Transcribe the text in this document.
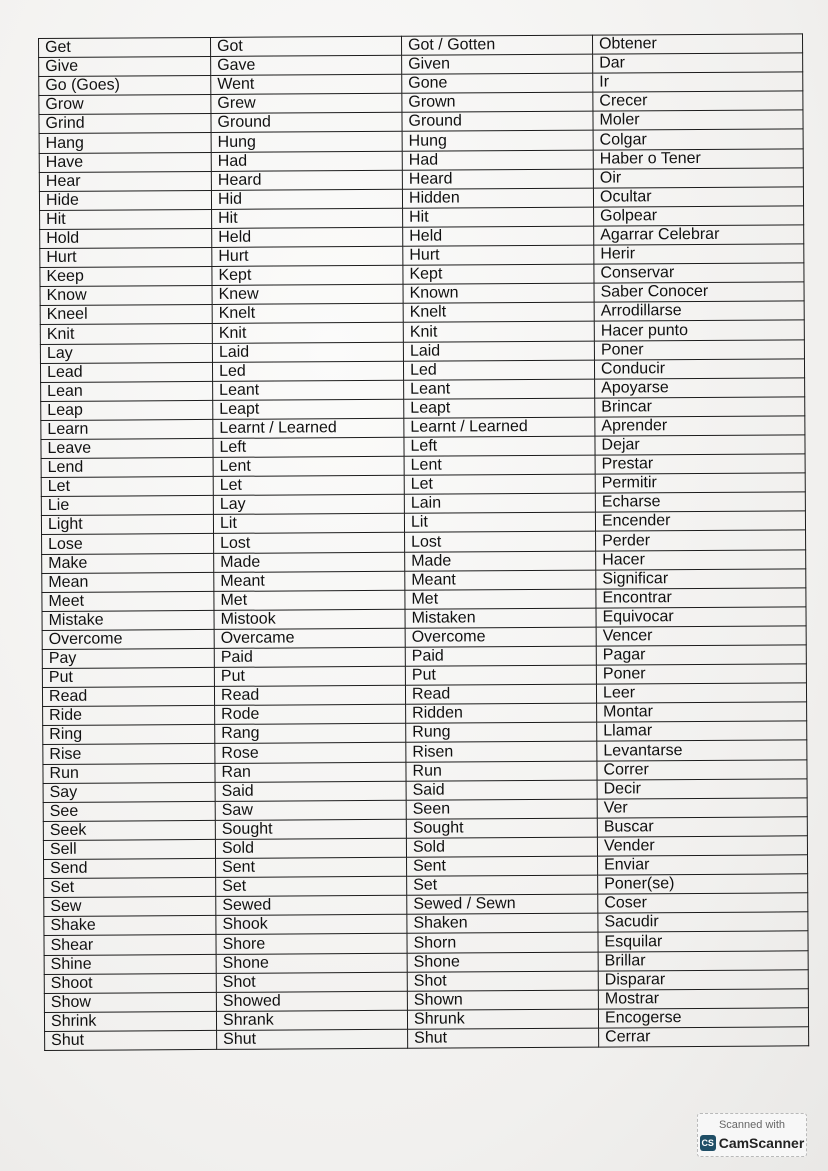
Get	Got	Got / Gotten	Obtener
Give	Gave	Given	Dar
Go (Goes)	Went	Gone	Ir
Grow	Grew	Grown	Crecer
Grind	Ground	Ground	Moler
Hang	Hung	Hung	Colgar
Have	Had	Had	Haber o Tener
Hear	Heard	Heard	Oir
Hide	Hid	Hidden	Ocultar
Hit	Hit	Hit	Golpear
Hold	Held	Held	Agarrar Celebrar
Hurt	Hurt	Hurt	Herir
Keep	Kept	Kept	Conservar
Know	Knew	Known	Saber Conocer
Kneel	Knelt	Knelt	Arrodillarse
Knit	Knit	Knit	Hacer punto
Lay	Laid	Laid	Poner
Lead	Led	Led	Conducir
Lean	Leant	Leant	Apoyarse
Leap	Leapt	Leapt	Brincar
Learn	Learnt / Learned	Learnt / Learned	Aprender
Leave	Left	Left	Dejar
Lend	Lent	Lent	Prestar
Let	Let	Let	Permitir
Lie	Lay	Lain	Echarse
Light	Lit	Lit	Encender
Lose	Lost	Lost	Perder
Make	Made	Made	Hacer
Mean	Meant	Meant	Significar
Meet	Met	Met	Encontrar
Mistake	Mistook	Mistaken	Equivocar
Overcome	Overcame	Overcome	Vencer
Pay	Paid	Paid	Pagar
Put	Put	Put	Poner
Read	Read	Read	Leer
Ride	Rode	Ridden	Montar
Ring	Rang	Rung	Llamar
Rise	Rose	Risen	Levantarse
Run	Ran	Run	Correr
Say	Said	Said	Decir
See	Saw	Seen	Ver
Seek	Sought	Sought	Buscar
Sell	Sold	Sold	Vender
Send	Sent	Sent	Enviar
Set	Set	Set	Poner(se)
Sew	Sewed	Sewed / Sewn	Coser
Shake	Shook	Shaken	Sacudir
Shear	Shore	Shorn	Esquilar
Shine	Shone	Shone	Brillar
Shoot	Shot	Shot	Disparar
Show	Showed	Shown	Mostrar
Shrink	Shrank	Shrunk	Encogerse
Shut	Shut	Shut	Cerrar
Scanned with
CS CamScanner
